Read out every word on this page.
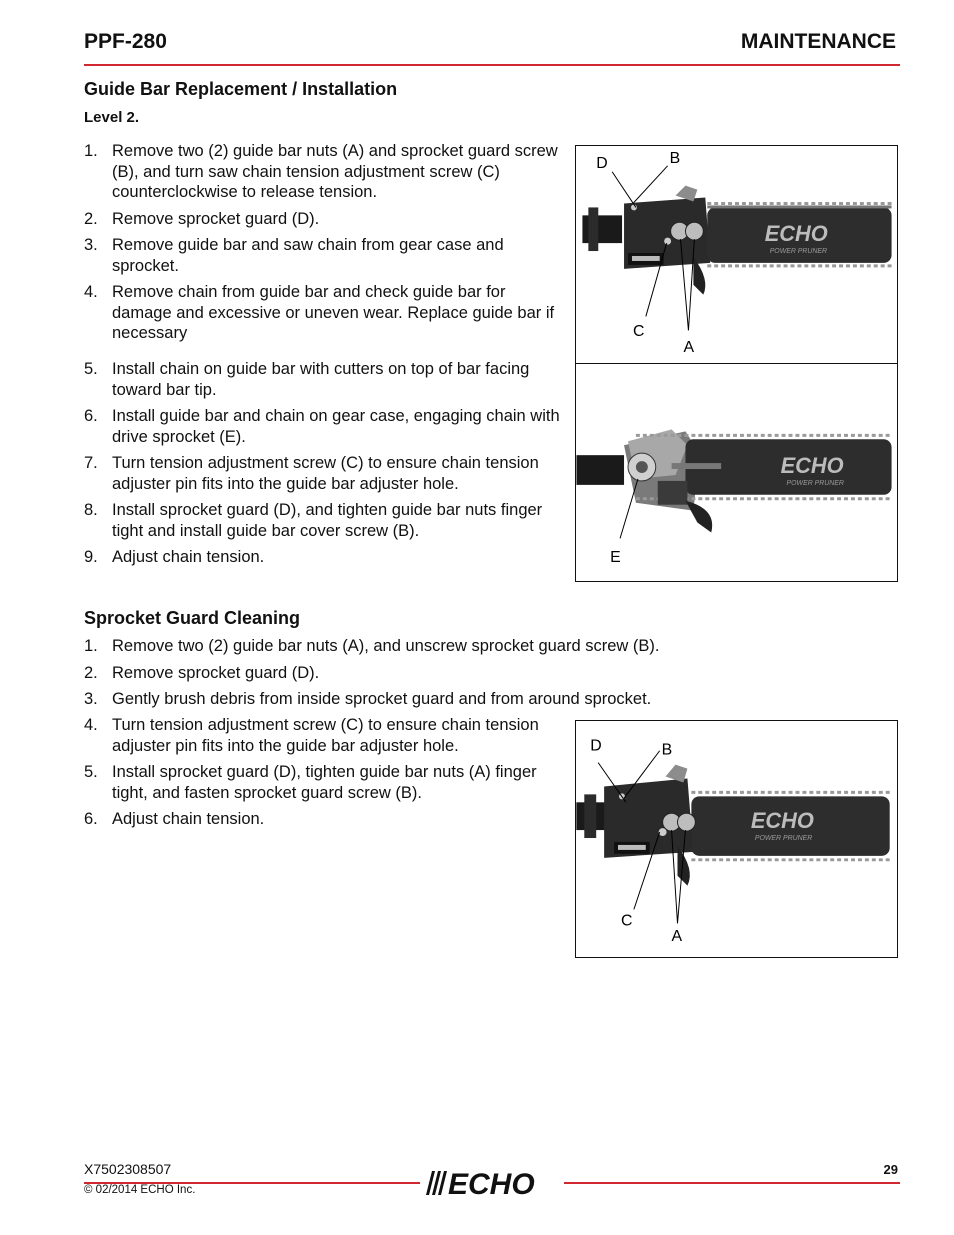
PPF-280	MAINTENANCE
Guide Bar Replacement / Installation
Level 2.
1. Remove two (2) guide bar nuts (A) and sprocket guard screw (B), and turn saw chain tension adjustment screw (C) counterclockwise to release tension.
2. Remove sprocket guard (D).
3. Remove guide bar and saw chain from gear case and sprocket.
4. Remove chain from guide bar and check guide bar for damage and excessive or uneven wear. Replace guide bar if necessary
5. Install chain on guide bar with cutters on top of bar facing toward bar tip.
6. Install guide bar and chain on gear case, engaging chain with drive sprocket (E).
7. Turn tension adjustment screw (C) to ensure chain tension adjuster pin fits into the guide bar adjuster hole.
8. Install sprocket guard (D), and tighten guide bar nuts finger tight and install guide bar cover screw (B).
9. Adjust chain tension.
ECHO
POWER PRUNER
D	B
C
A
ECHO
POWER PRUNER
E
Sprocket Guard Cleaning
1. Remove two (2) guide bar nuts (A), and unscrew sprocket guard screw (B).
2. Remove sprocket guard (D).
3. Gently brush debris from inside sprocket guard and from around sprocket.
4. Turn tension adjustment screw (C) to ensure chain tension adjuster pin fits into the guide bar adjuster hole.
5. Install sprocket guard (D), tighten guide bar nuts (A) finger tight, and fasten sprocket guard screw (B).
6. Adjust chain tension.	ECHO
POWER PRUNER
D	B
C
A
X7502308507
© 02/2014 ECHO Inc.
29
ECHO
